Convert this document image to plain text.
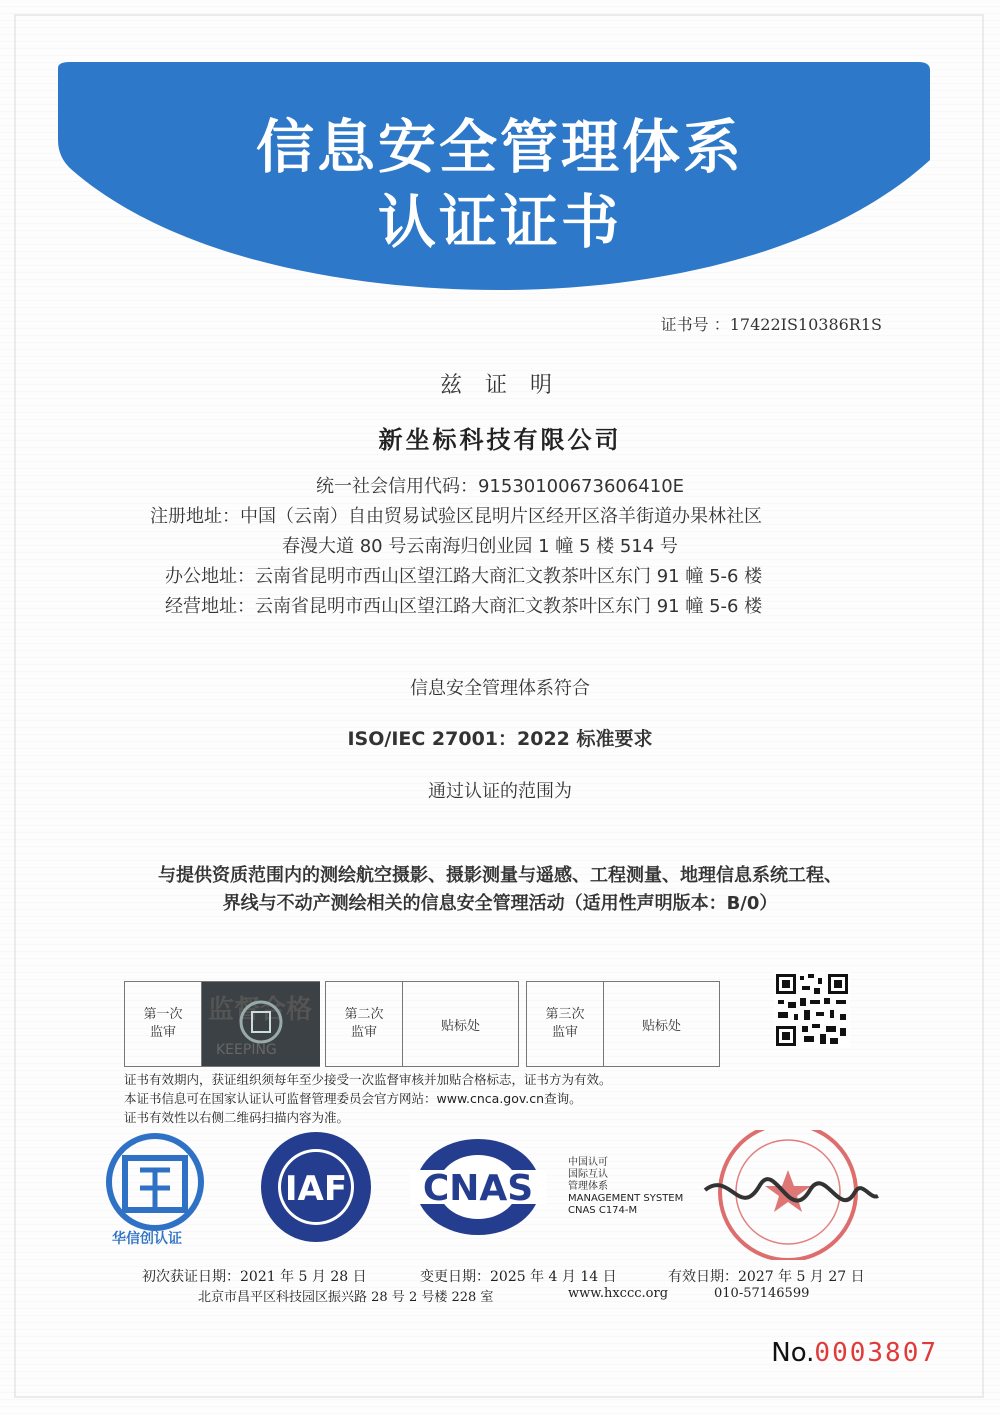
信息安全管理体系
认证证书
证书号 ：17422IS10386R1S
兹 证 明
新坐标科技有限公司
统一社会信用代码：91530100673606410E
注册地址：中国（云南）自由贸易试验区昆明片区经开区洛羊街道办果林社区
春漫大道 80 号云南海归创业园 1 幢 5 楼 514 号
办公地址：云南省昆明市西山区望江路大商汇文教茶叶区东门 91 幢 5-6 楼
经营地址：云南省昆明市西山区望江路大商汇文教茶叶区东门 91 幢 5-6 楼
信息安全管理体系符合
ISO/IEC 27001：2022 标准要求
通过认证的范围为
与提供资质范围内的测绘航空摄影、摄影测量与遥感、工程测量、地理信息系统工程、
界线与不动产测绘相关的信息安全管理活动（适用性声明版本：B/0）
第一次
监审
监督合格
KEEPING
第二次
监审	贴标处
第三次
监审	贴标处
证书有效期内，获证组织须每年至少接受一次监督审核并加贴合格标志，证书方为有效。
本证书信息可在国家认证认可监督管理委员会官方网站：www.cnca.gov.cn查询。
证书有效性以右侧二维码扫描内容为准。
IAF CNAS
华信创认证
中国认可
国际互认
管理体系
MANAGEMENT SYSTEM
CNAS C174-M
初次获证日期：2021 年 5 月 28 日	变更日期：2025 年 4 月 14 日	有效日期：2027 年 5 月 27 日
北京市昌平区科技园区振兴路 28 号 2 号楼 228 室	www.hxccc.org	010-57146599
No.0003807
